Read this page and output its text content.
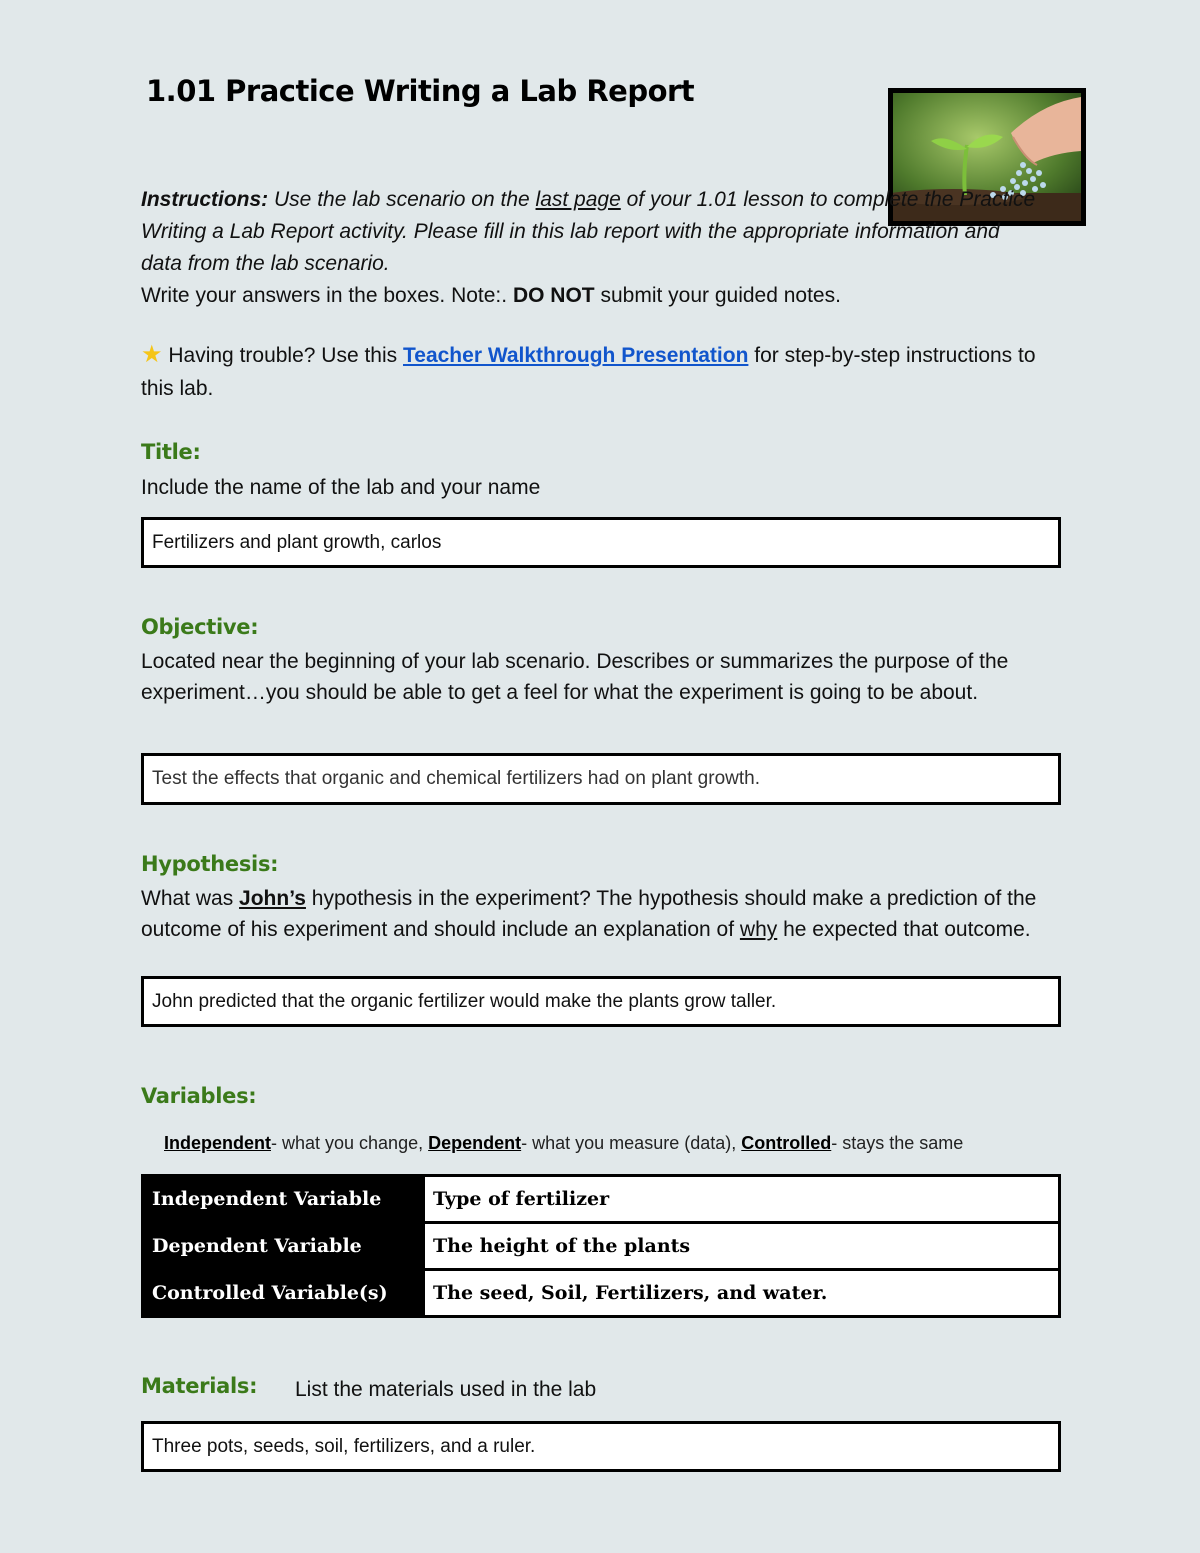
1.01 Practice Writing a Lab Report

Instructions: Use the lab scenario on the last page of your 1.01 lesson to complete the Practice Writing a Lab Report activity. Please fill in this lab report with the appropriate information and data from the lab scenario.
Write your answers in the boxes. Note:. DO NOT submit your guided notes.

★ Having trouble? Use this Teacher Walkthrough Presentation for step-by-step instructions to this lab.

Title:

Include the name of the lab and your name

Fertilizers and plant growth, carlos
Objective:

Located near the beginning of your lab scenario. Describes or summarizes the purpose of the experiment…you should be able to get a feel for what the experiment is going to be about.

Test the effects that organic and chemical fertilizers had on plant growth.
Hypothesis:

What was John’s hypothesis in the experiment? The hypothesis should make a prediction of the outcome of his experiment and should include an explanation of why he expected that outcome.

John predicted that the organic fertilizer would make the plants grow taller.
Variables:

Independent- what you change, Dependent- what you measure (data), Controlled- stays the same

Independent Variable	Type of fertilizer
Dependent Variable	The height of the plants
Controlled Variable(s)	The seed, Soil, Fertilizers, and water.
Materials: List the materials used in the lab

Three pots, seeds, soil, fertilizers, and a ruler.
